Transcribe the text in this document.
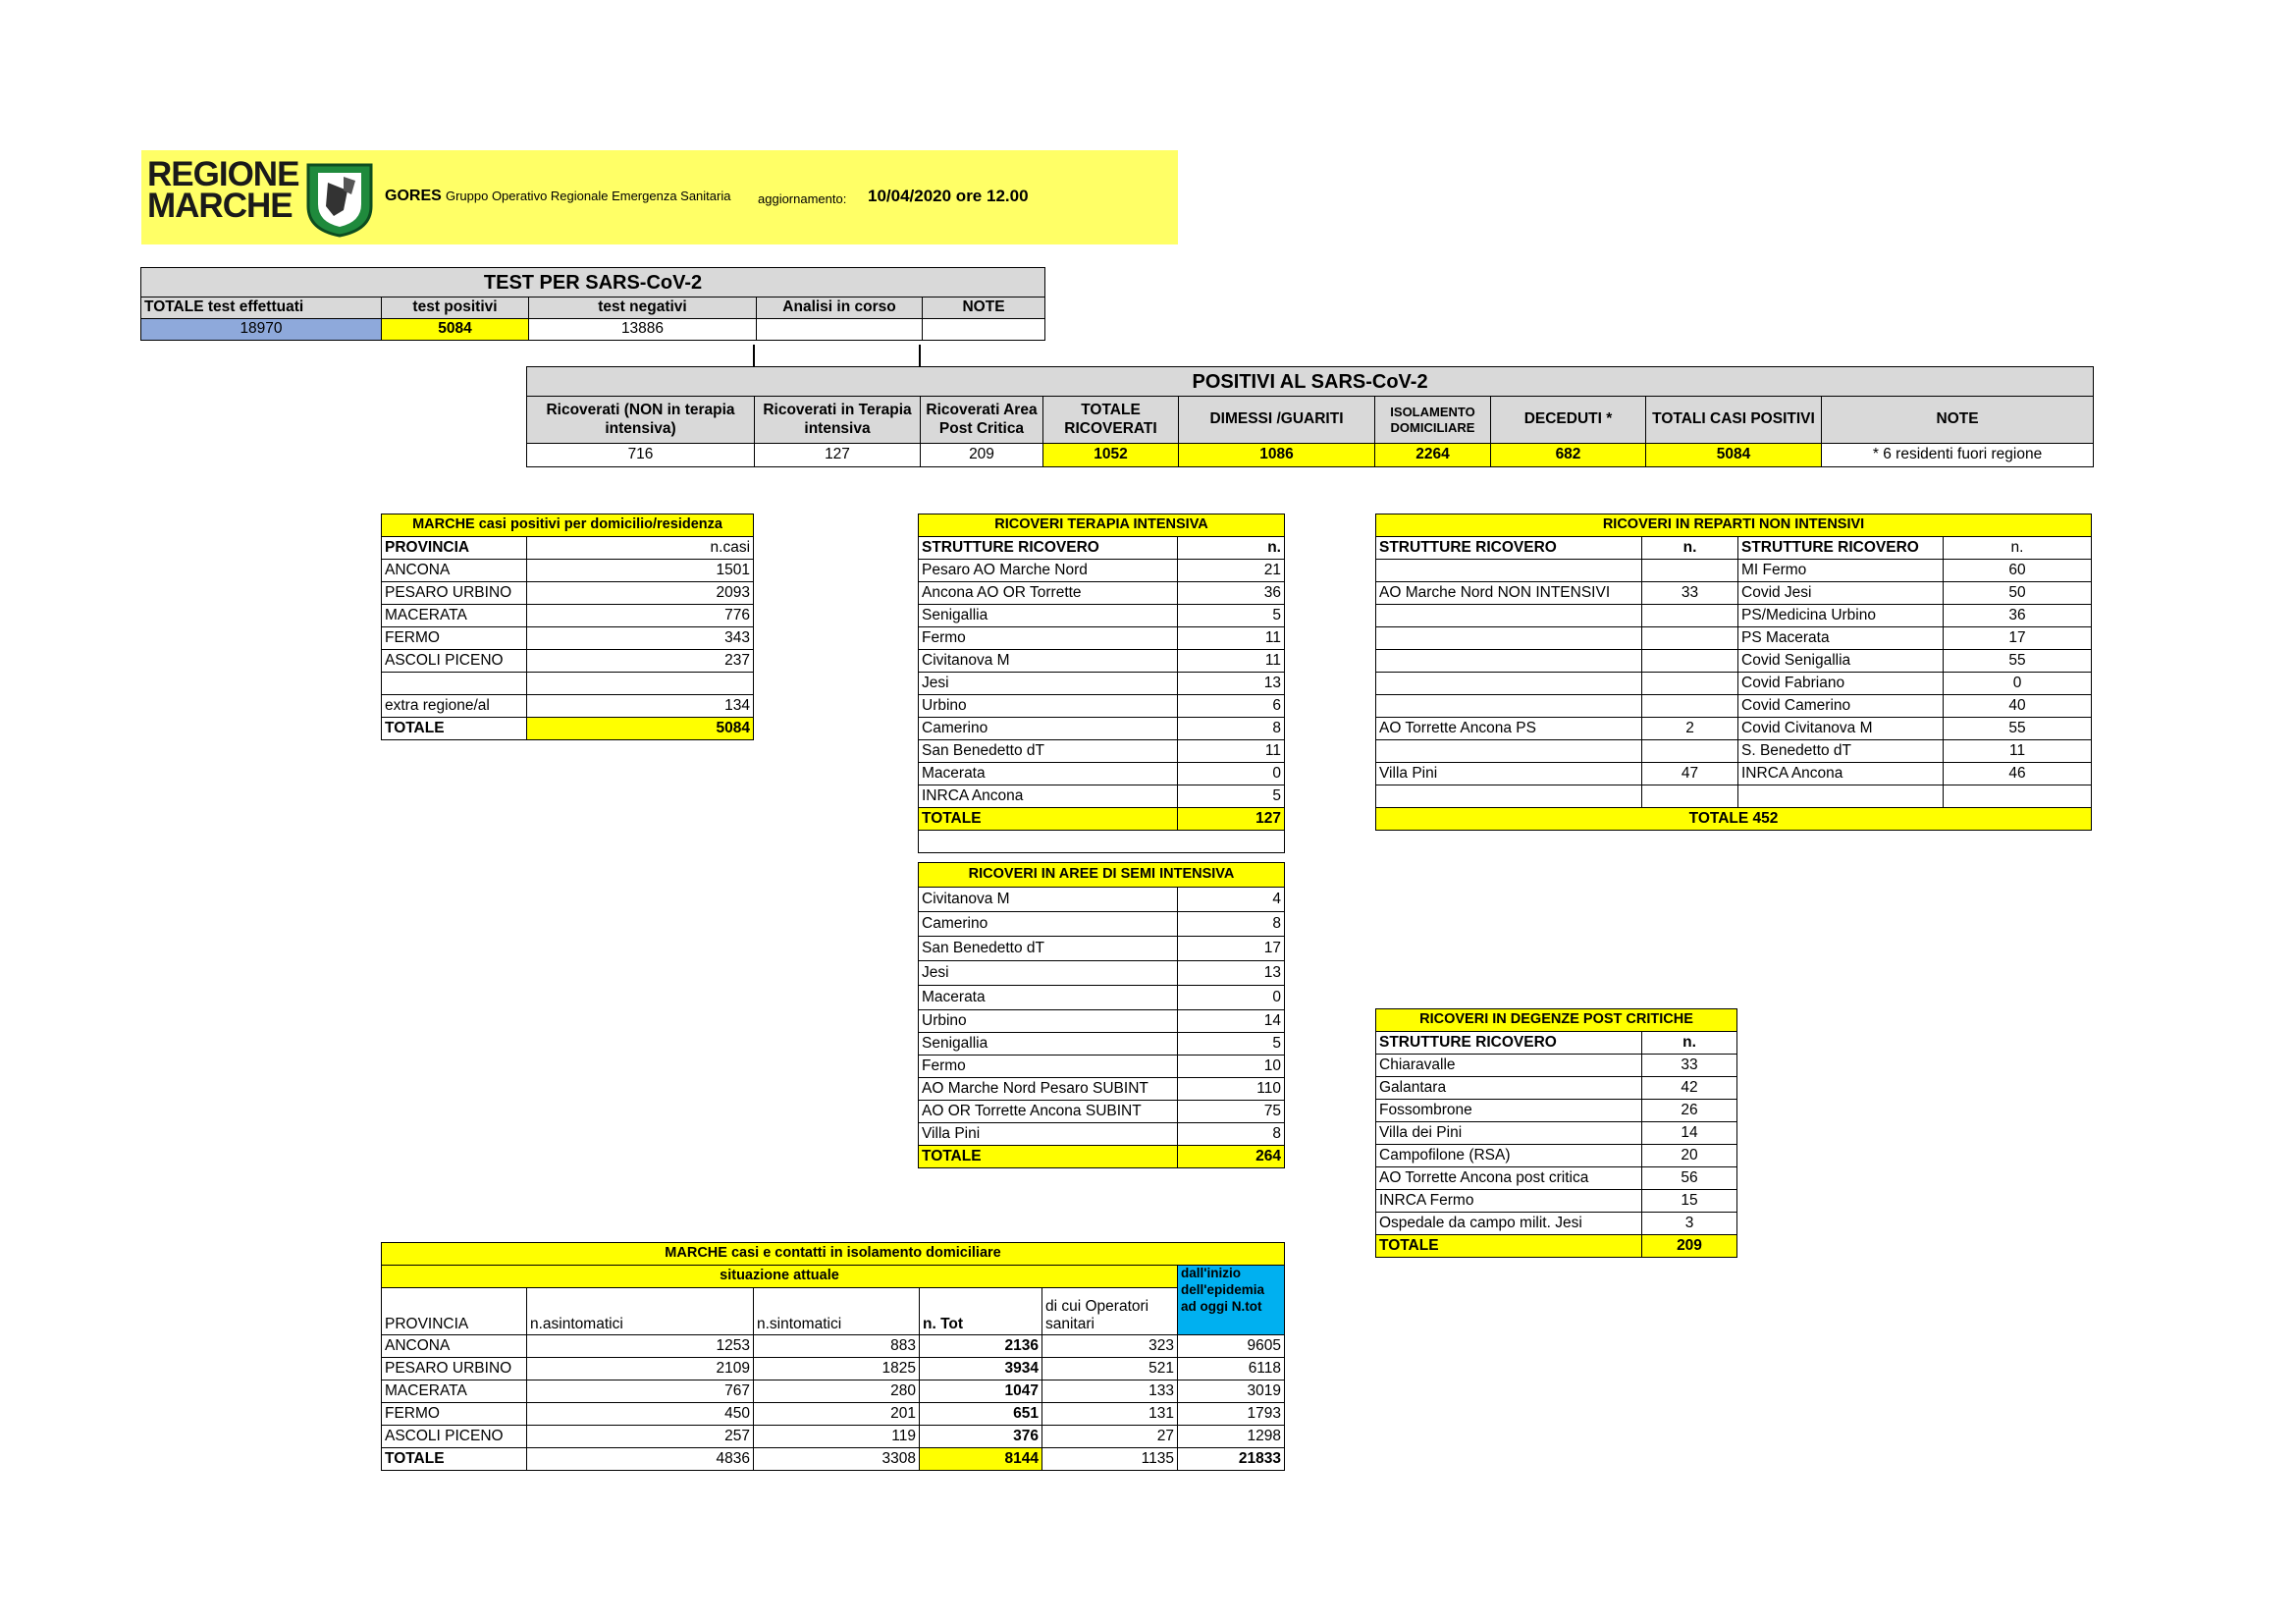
REGIONE
MARCHE	GORES Gruppo Operativo Regionale Emergenza Sanitaria aggiornamento: 10/04/2020 ore 12.00
TEST PER SARS-CoV-2				
TOTALE test effettuati	test positivi	test negativi	Analisi in corso	NOTE
18970	5084	13886		
POSITIVI AL SARS-CoV-2								
Ricoverati (NON in terapia intensiva)	Ricoverati in Terapia intensiva	Ricoverati Area Post Critica	TOTALE RICOVERATI	DIMESSI /GUARITI	ISOLAMENTO DOMICILIARE	DECEDUTI *	TOTALI CASI POSITIVI	NOTE
716	127	209	1052	1086	2264	682	5084	* 6 residenti fuori regione
MARCHE casi positivi per domicilio/residenza	
PROVINCIA	n.casi
ANCONA	1501
PESARO URBINO	2093
MACERATA	776
FERMO	343
ASCOLI PICENO	237

extra regione/al	134
TOTALE	5084
RICOVERI TERAPIA INTENSIVA	
STRUTTURE RICOVERO	n.
Pesaro AO Marche Nord	21
Ancona AO OR Torrette	36
Senigallia	5
Fermo	11
Civitanova M	11
Jesi	13
Urbino	6
Camerino	8
San Benedetto dT	11
Macerata	0
INRCA Ancona	5
TOTALE	127

RICOVERI IN REPARTI NON INTENSIVI			
STRUTTURE RICOVERO	n.	STRUTTURE RICOVERO	n.
		MI Fermo	60
AO Marche Nord NON INTENSIVI	33	Covid Jesi	50
		PS/Medicina Urbino	36
		PS Macerata	17
		Covid Senigallia	55
		Covid Fabriano	0
		Covid Camerino	40
AO Torrette Ancona PS	2	Covid Civitanova M	55
		S. Benedetto dT	11
Villa Pini	47	INRCA Ancona	46

TOTALE 452			
RICOVERI IN AREE DI SEMI INTENSIVA	
Civitanova M	4
Camerino	8
San Benedetto dT	17
Jesi	13
Macerata	0
Urbino	14
Senigallia	5
Fermo	10
AO Marche Nord Pesaro SUBINT	110
AO OR Torrette Ancona SUBINT	75
Villa Pini	8
TOTALE	264
RICOVERI IN DEGENZE POST CRITICHE	
STRUTTURE RICOVERO	n.
Chiaravalle	33
Galantara	42
Fossombrone	26
Villa dei Pini	14
Campofilone (RSA)	20
AO Torrette Ancona post critica	56
INRCA Fermo	15
Ospedale da campo milit. Jesi	3
TOTALE	209
MARCHE casi e contatti in isolamento domiciliare					
situazione attuale					dall'inizio dell'epidemia ad oggi N.tot
PROVINCIA	n.asintomatici	n.sintomatici	n. Tot	di cui Operatori sanitari	
ANCONA	1253	883	2136	323	9605
PESARO URBINO	2109	1825	3934	521	6118
MACERATA	767	280	1047	133	3019
FERMO	450	201	651	131	1793
ASCOLI PICENO	257	119	376	27	1298
TOTALE	4836	3308	8144	1135	21833
